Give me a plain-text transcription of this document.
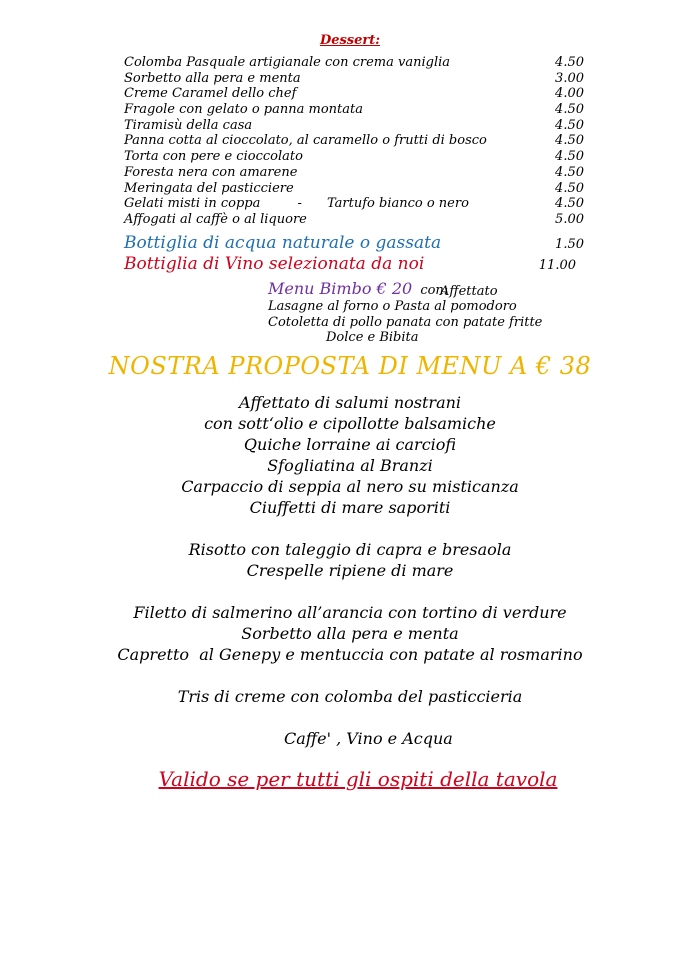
Dessert:
Colomba Pasquale artigianale con crema vaniglia	4.50
Sorbetto alla pera e menta	3.00
Creme Caramel dello chef	4.00
Fragole con gelato o panna montata	4.50
Tiramisù della casa	4.50
Panna cotta al cioccolato, al caramello o frutti di bosco	4.50
Torta con pere e cioccolato	4.50
Foresta nera con amarene	4.50
Meringata del pasticciere	4.50
Gelati misti in coppa         - Tartufo bianco o nero	4.50
Affogati al caffè o al liquore	5.00
Bottiglia di acqua naturale o gassata	1.50
Bottiglia di Vino selezionata da noi	11.00
Menu Bimbo € 20 con:
Affettato
Lasagne al forno o Pasta al pomodoro
Cotoletta di pollo panata con patate fritte
Dolce e Bibita
NOSTRA PROPOSTA DI MENU A € 38
Affettato di salumi nostrani
con sott‘olio e cipollotte balsamiche
Quiche lorraine ai carciofi
Sfogliatina al Branzi
Carpaccio di seppia al nero su misticanza
Ciuffetti di mare saporiti
Risotto con taleggio di capra e bresaola
Crespelle ripiene di mare
Filetto di salmerino all’arancia con tortino di verdure
Sorbetto alla pera e menta
Capretto  al Genepy e mentuccia con patate al rosmarino
Tris di creme con colomba del pasticcieria
Caffe' , Vino e Acqua
Valido se per tutti gli ospiti della tavola
